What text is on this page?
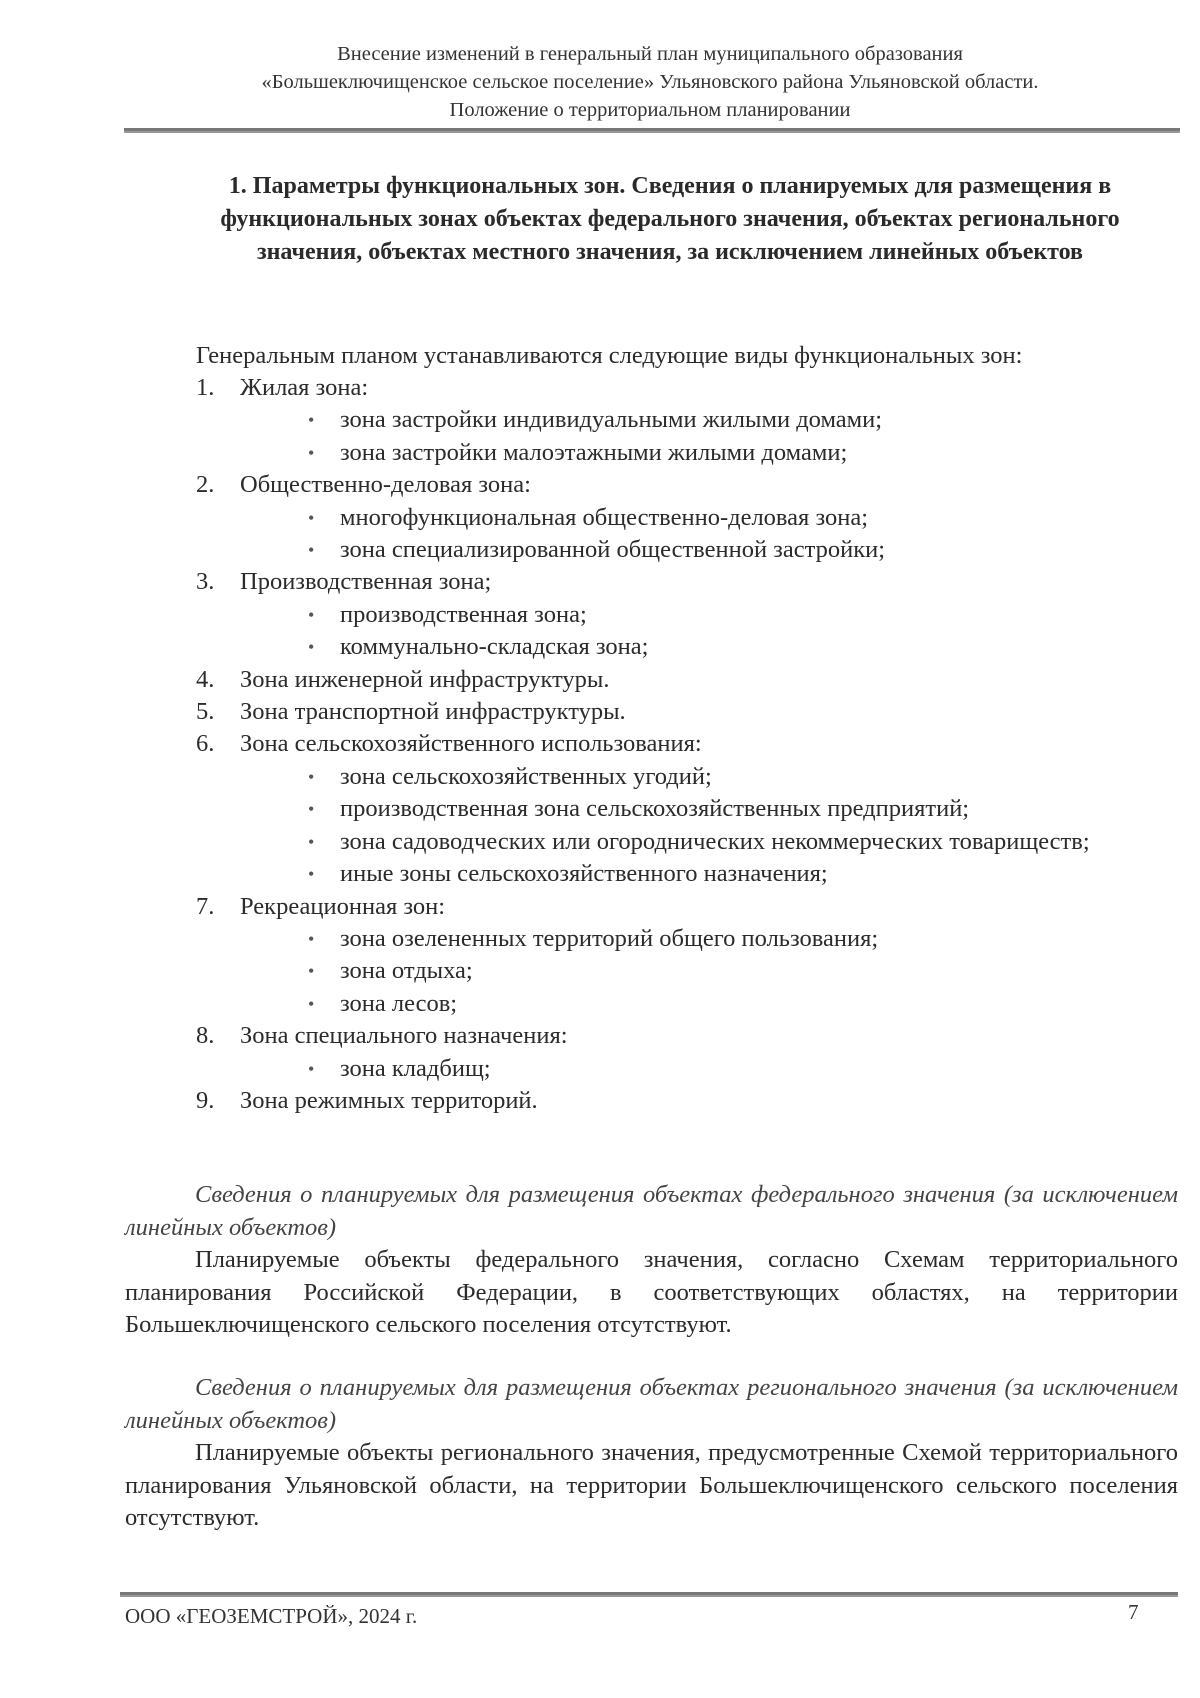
Внесение изменений в генеральный план муниципального образования
«Большеключищенское сельское поселение» Ульяновского района Ульяновской области.
Положение о территориальном планировании
1. Параметры функциональных зон. Сведения о планируемых для размещения в функциональных зонах объектах федерального значения, объектах регионального значения, объектах местного значения, за исключением линейных объектов
Генеральным планом устанавливаются следующие виды функциональных зон:
1. Жилая зона:
• зона застройки индивидуальными жилыми домами;
• зона застройки малоэтажными жилыми домами;
2. Общественно-деловая зона:
• многофункциональная общественно-деловая зона;
• зона специализированной общественной застройки;
3. Производственная зона;
• производственная зона;
• коммунально-складская зона;
4. Зона инженерной инфраструктуры.
5. Зона транспортной инфраструктуры.
6. Зона сельскохозяйственного использования:
• зона сельскохозяйственных угодий;
• производственная зона сельскохозяйственных предприятий;
• зона садоводческих или огороднических некоммерческих товариществ;
• иные зоны сельскохозяйственного назначения;
7. Рекреационная зон:
• зона озелененных территорий общего пользования;
• зона отдыха;
• зона лесов;
8. Зона специального назначения:
• зона кладбищ;
9. Зона режимных территорий.
Сведения о планируемых для размещения объектах федерального значения (за исключением линейных объектов)
Планируемые объекты федерального значения, согласно Схемам территориального планирования Российской Федерации, в соответствующих областях, на территории Большеключищенского сельского поселения отсутствуют.
Сведения о планируемых для размещения объектах регионального значения (за исключением линейных объектов)
Планируемые объекты регионального значения, предусмотренные Схемой территориального планирования Ульяновской области, на территории Большеключищенского сельского поселения отсутствуют.
ООО «ГЕОЗЕМСТРОЙ», 2024 г.	7
